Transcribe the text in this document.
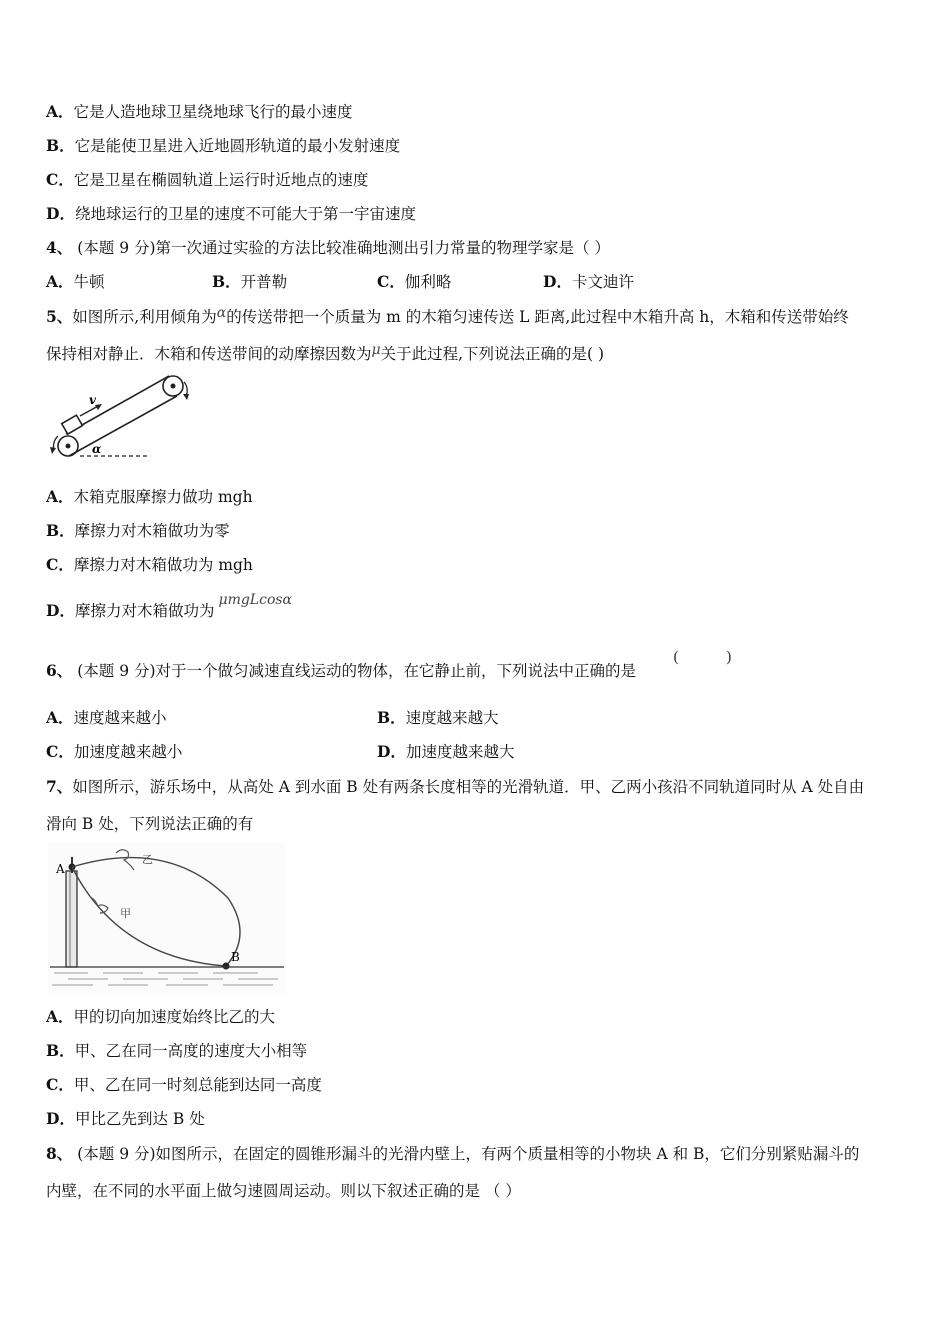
A．它是人造地球卫星绕地球飞行的最小速度
B．它是能使卫星进入近地圆形轨道的最小发射速度
C．它是卫星在椭圆轨道上运行时近地点的速度
D．绕地球运行的卫星的速度不可能大于第一宇宙速度
4、 (本题 9 分)第一次通过实验的方法比较准确地测出引力常量的物理学家是（ ）
A．牛顿	B．开普勒	C．伽利略	D．卡文迪许
5、如图所示,利用倾角为α的传送带把一个质量为 m 的木箱匀速传送 L 距离,此过程中木箱升高 h，木箱和传送带始终
保持相对静止．木箱和传送带间的动摩擦因数为μ关于此过程,下列说法正确的是( )
v
α
A．木箱克服摩擦力做功 mgh
B．摩擦力对木箱做功为零
C．摩擦力对木箱做功为 mgh
D．摩擦力对木箱做功为μmgLcosα
6、 (本题 9 分)对于一个做匀减速直线运动的物体，在它静止前，下列说法中正确的是
(	)
A．速度越来越小	B．速度越来越大
C．加速度越来越小	D．加速度越来越大
7、如图所示，游乐场中，从高处 A 到水面 B 处有两条长度相等的光滑轨道．甲、乙两小孩沿不同轨道同时从 A 处自由
滑向 B 处，下列说法正确的有
A
B
乙
甲
A．甲的切向加速度始终比乙的大
B．甲、乙在同一高度的速度大小相等
C．甲、乙在同一时刻总能到达同一高度
D．甲比乙先到达 B 处
8、 (本题 9 分)如图所示，在固定的圆锥形漏斗的光滑内壁上，有两个质量相等的小物块 A 和 B，它们分别紧贴漏斗的
内壁，在不同的水平面上做匀速圆周运动。则以下叙述正确的是 （ ）
